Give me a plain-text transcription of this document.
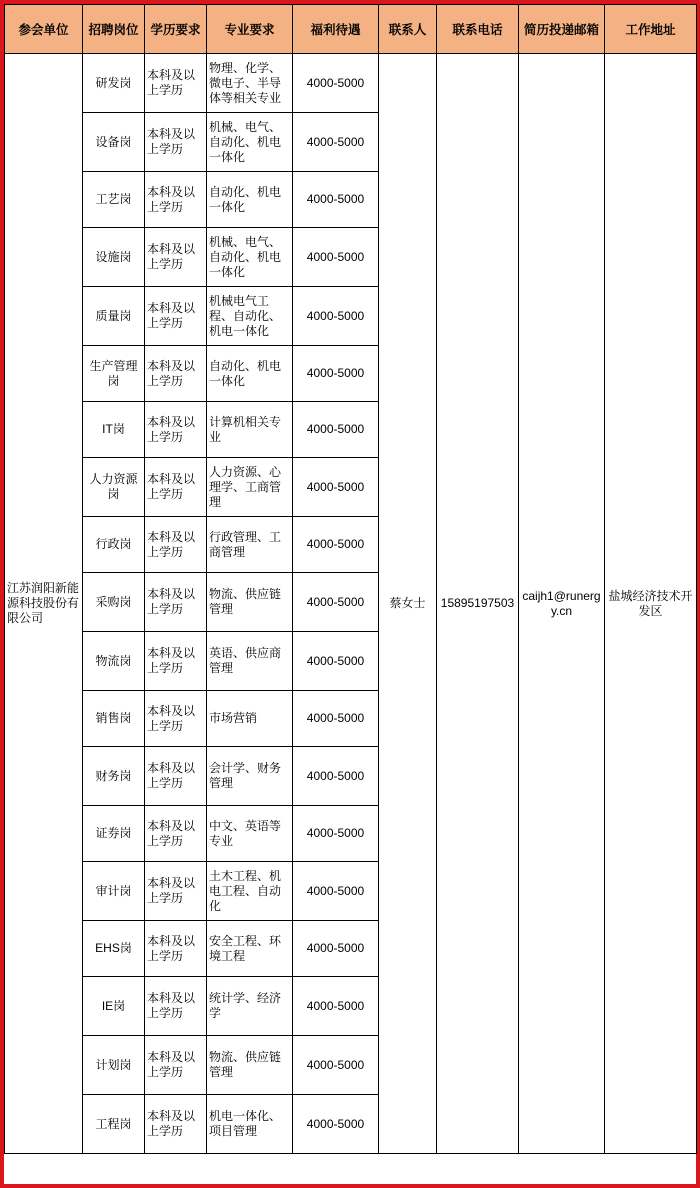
参会单位	招聘岗位	学历要求	专业要求	福利待遇	联系人	联系电话	简历投递邮箱	工作地址
江苏润阳新能源科技股份有限公司	研发岗	本科及以上学历	物理、化学、微电子、半导体等相关专业	4000-5000	蔡女士	15895197503	caijh1@runergy.cn	盐城经济技术开发区
	设备岗	本科及以上学历	机械、电气、自动化、机电一体化	4000-5000				
	工艺岗	本科及以上学历	自动化、机电一体化	4000-5000				
	设施岗	本科及以上学历	机械、电气、自动化、机电一体化	4000-5000				
	质量岗	本科及以上学历	机械电气工程、自动化、机电一体化	4000-5000				
	生产管理岗	本科及以上学历	自动化、机电一体化	4000-5000				
	IT岗	本科及以上学历	计算机相关专业	4000-5000				
	人力资源岗	本科及以上学历	人力资源、心理学、工商管理	4000-5000				
	行政岗	本科及以上学历	行政管理、工商管理	4000-5000				
	采购岗	本科及以上学历	物流、供应链管理	4000-5000				
	物流岗	本科及以上学历	英语、供应商管理	4000-5000				
	销售岗	本科及以上学历	市场营销	4000-5000				
	财务岗	本科及以上学历	会计学、财务管理	4000-5000				
	证券岗	本科及以上学历	中文、英语等专业	4000-5000				
	审计岗	本科及以上学历	土木工程、机电工程、自动化	4000-5000				
	EHS岗	本科及以上学历	安全工程、环境工程	4000-5000				
	IE岗	本科及以上学历	统计学、经济学	4000-5000				
	计划岗	本科及以上学历	物流、供应链管理	4000-5000				
	工程岗	本科及以上学历	机电一体化、项目管理	4000-5000				
